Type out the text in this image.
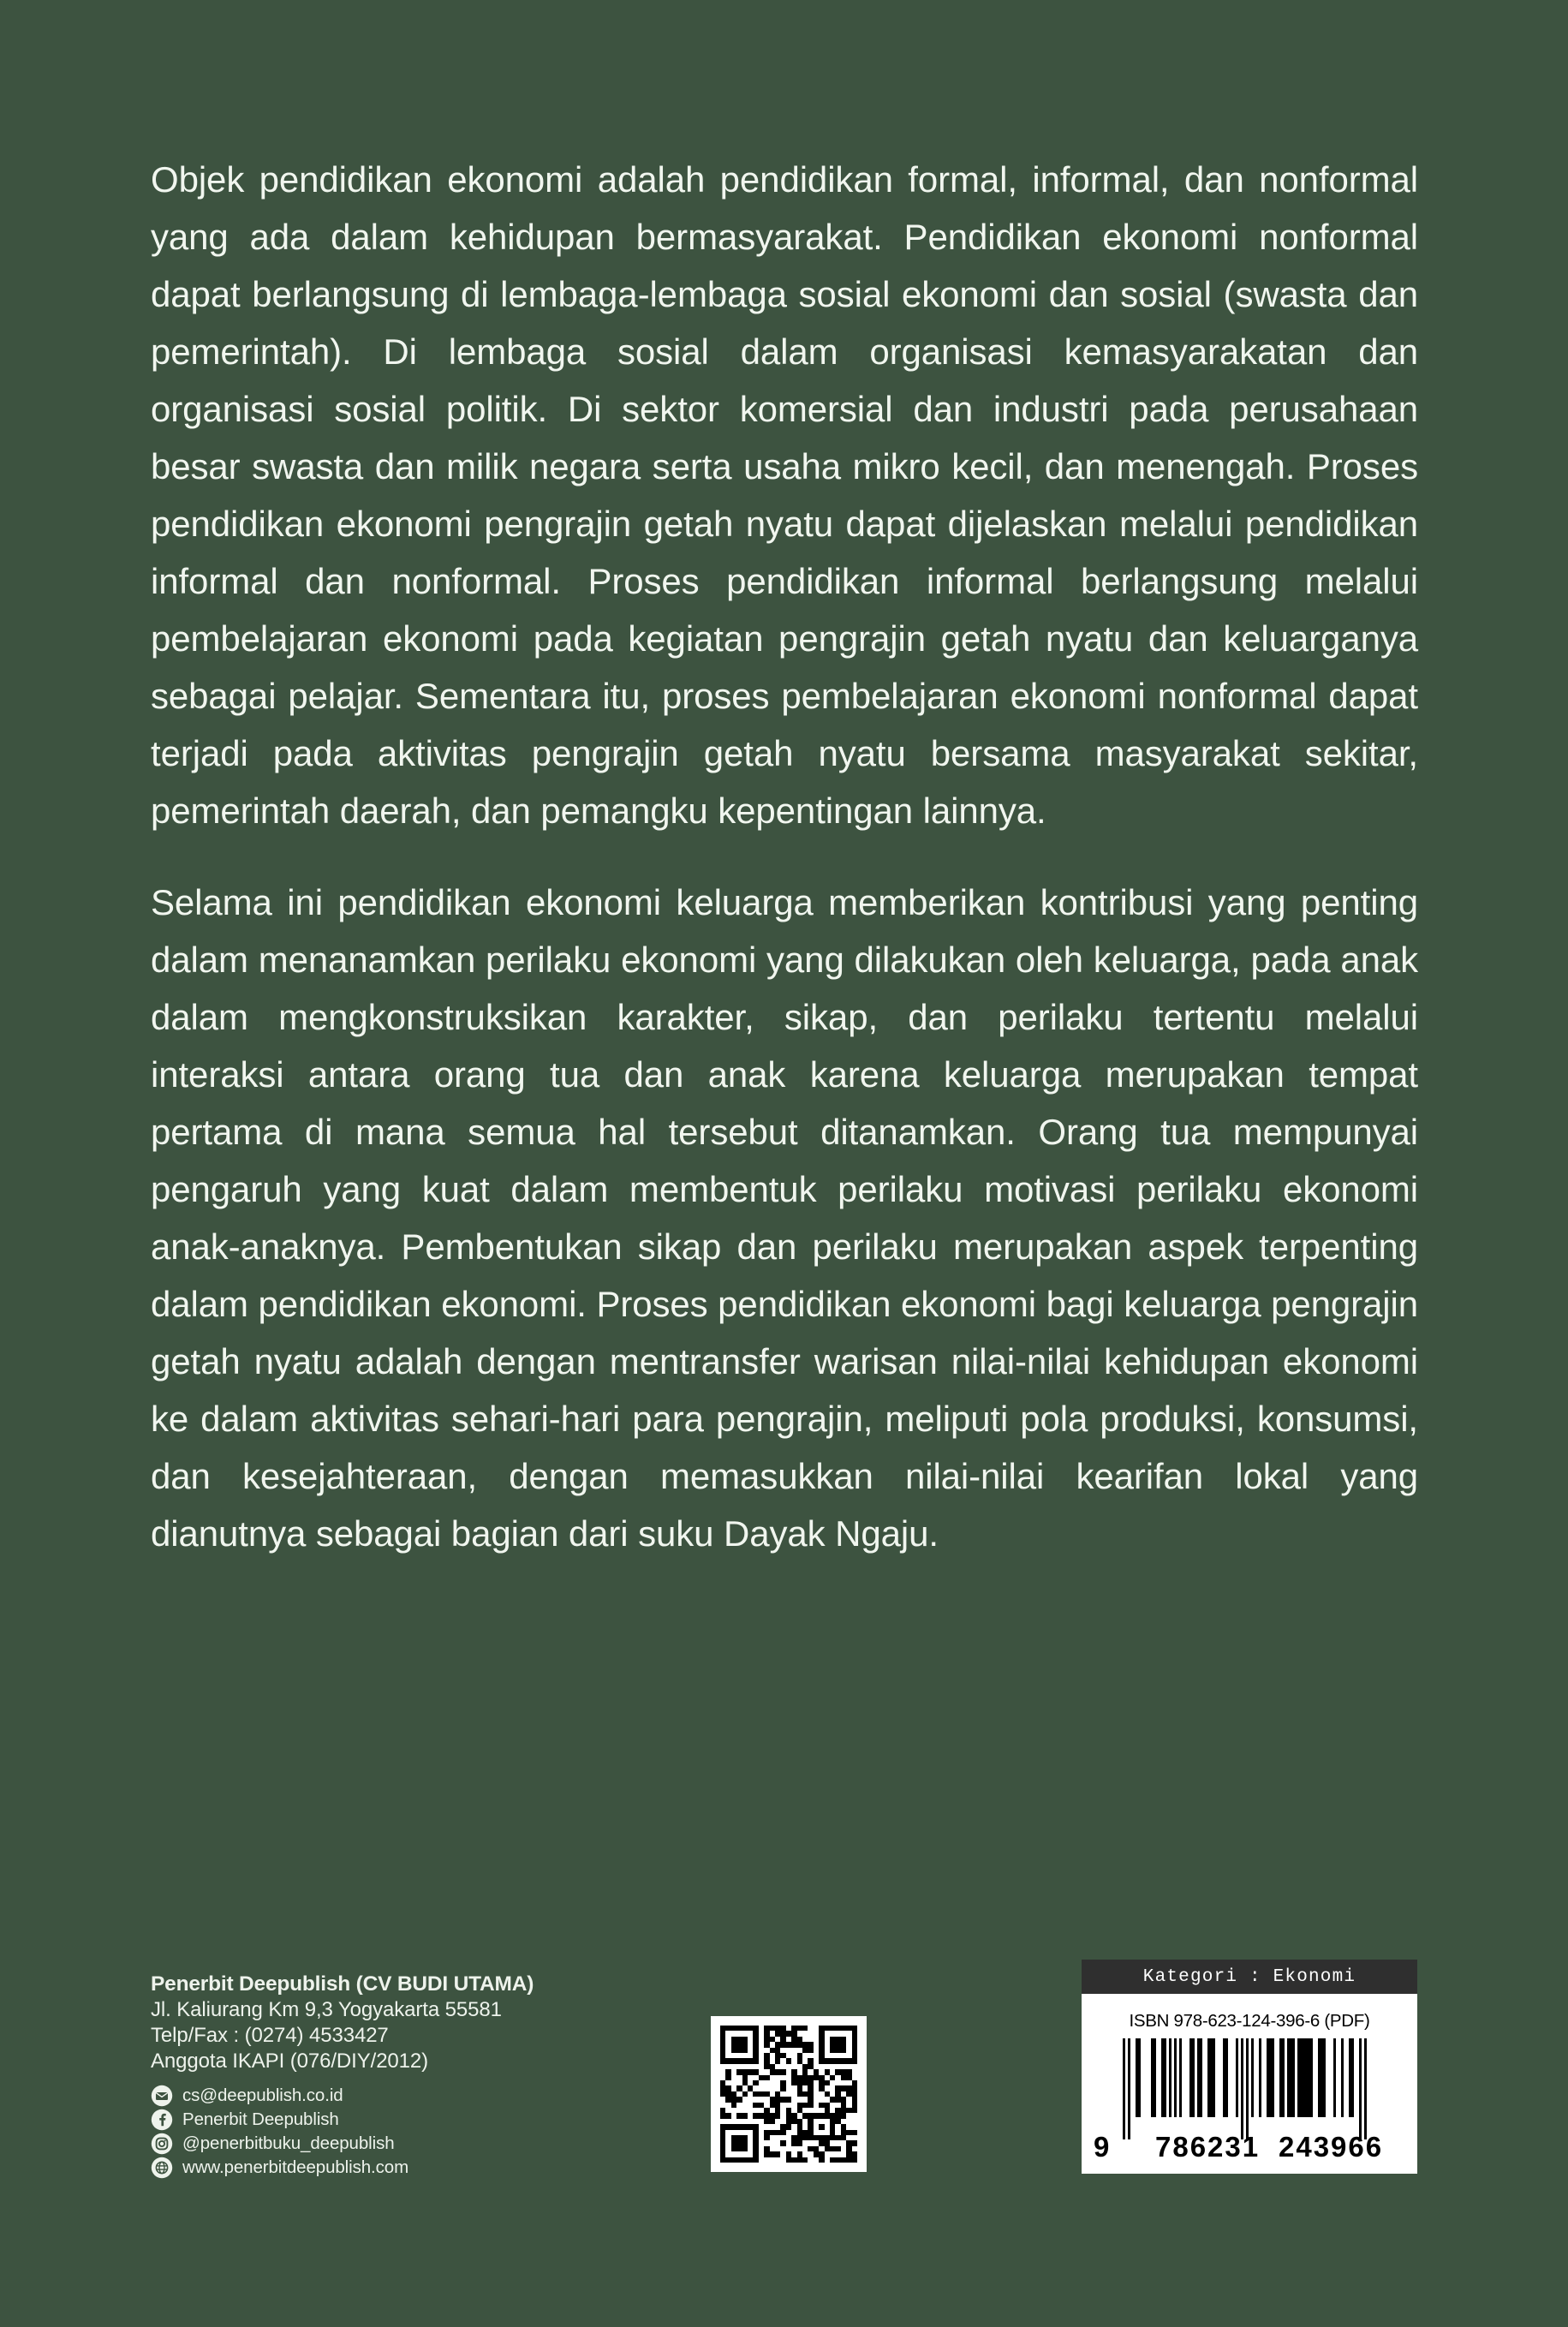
Objek pendidikan ekonomi adalah pendidikan formal, informal, dan nonformal yang ada dalam kehidupan bermasyarakat. Pendidikan ekonomi nonformal dapat berlangsung di lembaga-lembaga sosial ekonomi dan sosial (swasta dan pemerintah). Di lembaga sosial dalam organisasi kemasyarakatan dan organisasi sosial politik. Di sektor komersial dan industri pada perusahaan besar swasta dan milik negara serta usaha mikro kecil, dan menengah. Proses pendidikan ekonomi pengrajin getah nyatu dapat dijelaskan melalui pendidikan informal dan nonformal. Proses pendidikan informal berlangsung melalui pembelajaran ekonomi pada kegiatan pengrajin getah nyatu dan keluarganya sebagai pelajar. Sementara itu, proses pembelajaran ekonomi nonformal dapat terjadi pada aktivitas pengrajin getah nyatu bersama masyarakat sekitar, pemerintah daerah, dan pemangku kepentingan lainnya.

Selama ini pendidikan ekonomi keluarga memberikan kontribusi yang penting dalam menanamkan perilaku ekonomi yang dilakukan oleh keluarga, pada anak dalam mengkonstruksikan karakter, sikap, dan perilaku tertentu melalui interaksi antara orang tua dan anak karena keluarga merupakan tempat pertama di mana semua hal tersebut ditanamkan. Orang tua mempunyai pengaruh yang kuat dalam membentuk perilaku motivasi perilaku ekonomi anak-anaknya. Pembentukan sikap dan perilaku merupakan aspek terpenting dalam pendidikan ekonomi. Proses pendidikan ekonomi bagi keluarga pengrajin getah nyatu adalah dengan mentransfer warisan nilai-nilai kehidupan ekonomi ke dalam aktivitas sehari-hari para pengrajin, meliputi pola produksi, konsumsi, dan kesejahteraan, dengan memasukkan nilai-nilai kearifan lokal yang dianutnya sebagai bagian dari suku Dayak Ngaju.

Penerbit Deepublish (CV BUDI UTAMA)
Jl. Kaliurang Km 9,3 Yogyakarta 55581
Telp/Fax : (0274) 4533427
Anggota IKAPI (076/DIY/2012)
cs@deepublish.co.id
Penerbit Deepublish
@penerbitbuku_deepublish
www.penerbitdeepublish.com
Kategori : Ekonomi
ISBN 978-623-124-396-6 (PDF)
9 786231 243966
